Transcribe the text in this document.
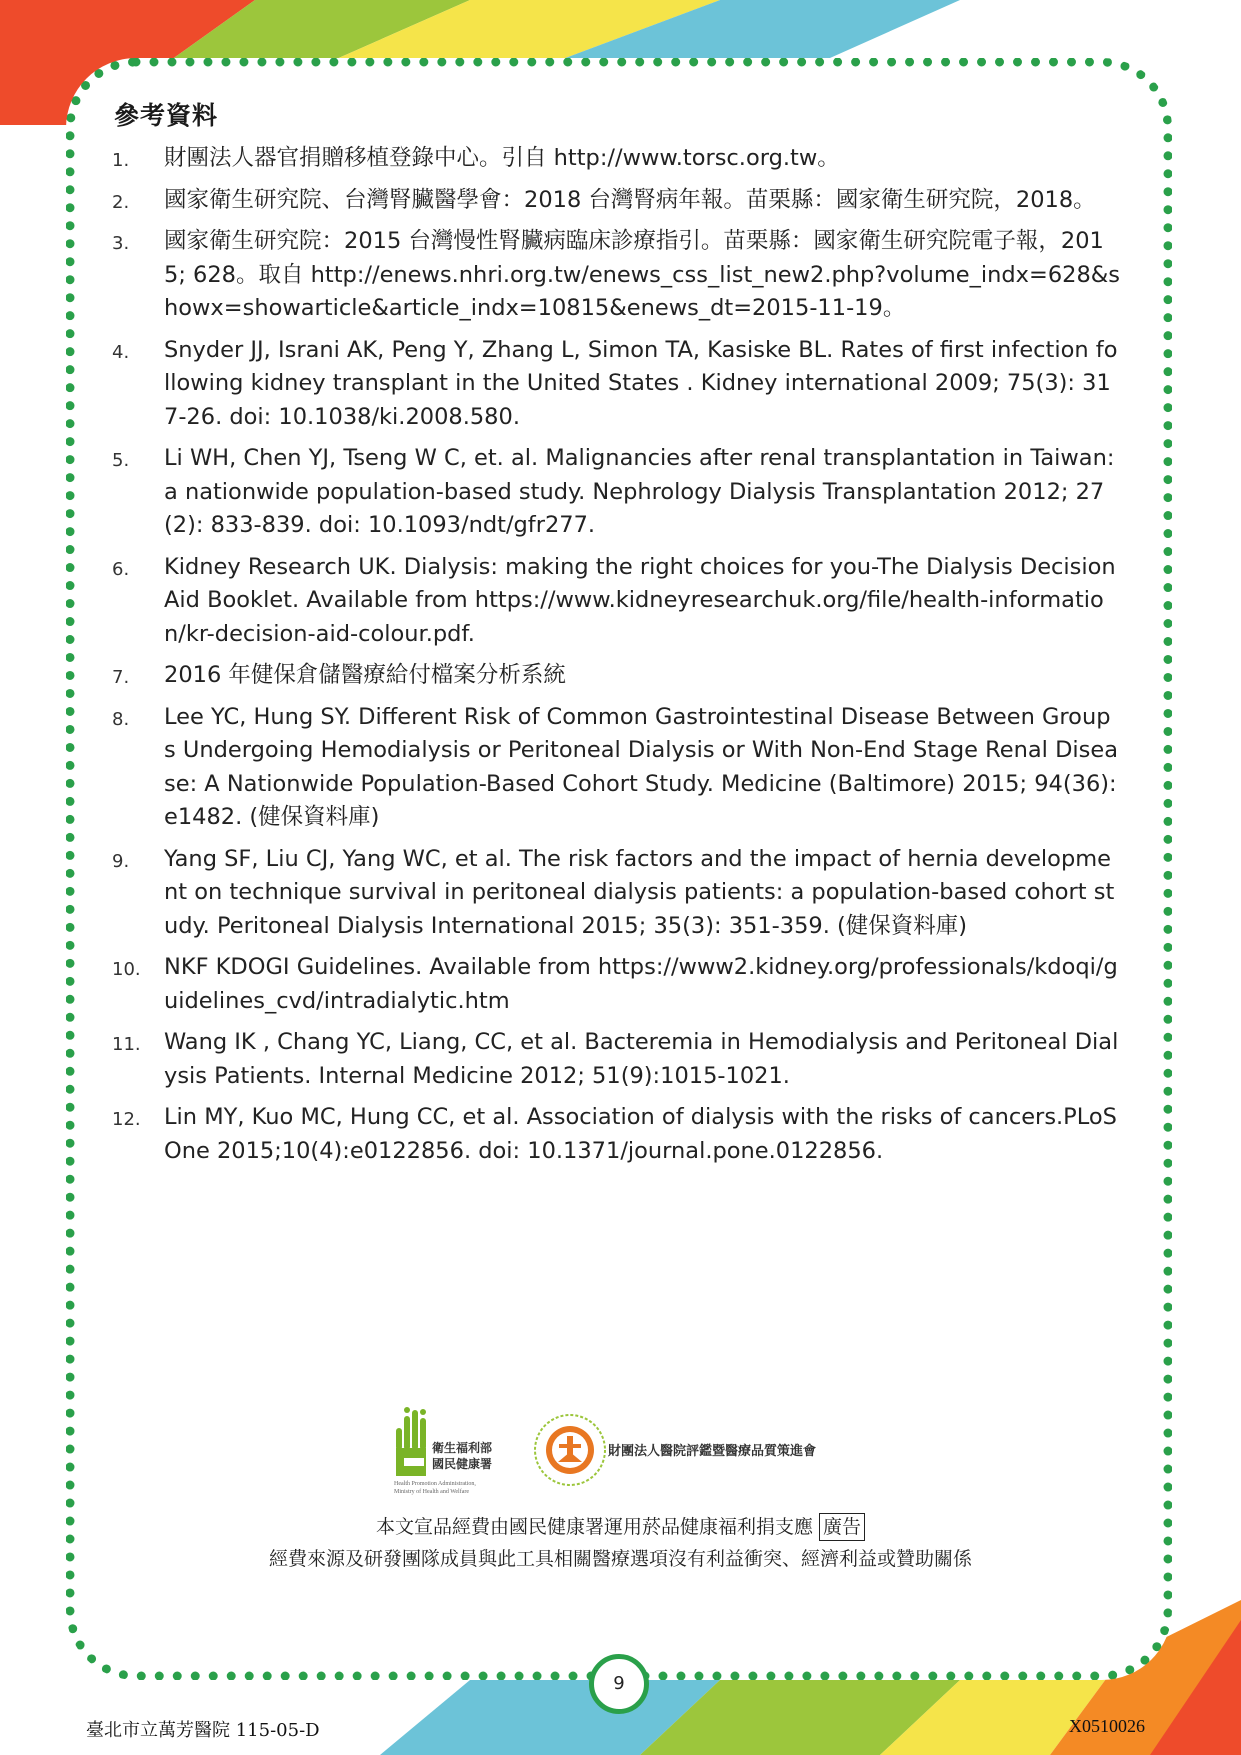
參考資料
1. 財團法人器官捐贈移植登錄中心。引自 http://www.torsc.org.tw。
2. 國家衛生研究院、台灣腎臟醫學會：2018 台灣腎病年報。苗栗縣：國家衛生研究院，2018。
3. 國家衛生研究院：2015 台灣慢性腎臟病臨床診療指引。苗栗縣：國家衛生研究院電子報，2015; 628。取自 http://enews.nhri.org.tw/enews_css_list_new2.php?volume_indx=628&showx=showarticle&article_indx=10815&enews_dt=2015-11-19。
4. Snyder JJ, Israni AK, Peng Y, Zhang L, Simon TA, Kasiske BL. Rates of first infection following kidney transplant in the United States . Kidney international 2009; 75(3): 317-26. doi: 10.1038/ki.2008.580.
5. Li WH, Chen YJ, Tseng W C, et. al. Malignancies after renal transplantation in Taiwan: a nationwide population-based study. Nephrology Dialysis Transplantation 2012; 27(2): 833-839. doi: 10.1093/ndt/gfr277.
6. Kidney Research UK. Dialysis: making the right choices for you-The Dialysis Decision Aid Booklet. Available from https://www.kidneyresearchuk.org/file/health-information/kr-decision-aid-colour.pdf.
7. 2016 年健保倉儲醫療給付檔案分析系統
8. Lee YC, Hung SY. Different Risk of Common Gastrointestinal Disease Between Groups Undergoing Hemodialysis or Peritoneal Dialysis or With Non-End Stage Renal Disease: A Nationwide Population-Based Cohort Study. Medicine (Baltimore) 2015; 94(36): e1482. (健保資料庫)
9. Yang SF, Liu CJ, Yang WC, et al. The risk factors and the impact of hernia development on technique survival in peritoneal dialysis patients: a population-based cohort study. Peritoneal Dialysis International 2015; 35(3): 351-359. (健保資料庫)
10. NKF KDOGI Guidelines. Available from https://www2.kidney.org/professionals/kdoqi/guidelines_cvd/intradialytic.htm
11. Wang IK , Chang YC, Liang, CC, et al. Bacteremia in Hemodialysis and Peritoneal Dialysis Patients. Internal Medicine 2012; 51(9):1015-1021.
12. Lin MY, Kuo MC, Hung CC, et al. Association of dialysis with the risks of cancers.PLoS One 2015;10(4):e0122856. doi: 10.1371/journal.pone.0122856.
衛生福利部
國民健康署
Health Promotion Administration,
Ministry of Health and Welfare
財團法人醫院評鑑暨醫療品質策進會
本文宣品經費由國民健康署運用菸品健康福利捐支應 廣告
經費來源及研發團隊成員與此工具相關醫療選項沒有利益衝突、經濟利益或贊助關係
9
臺北市立萬芳醫院 115-05-D	X0510026
